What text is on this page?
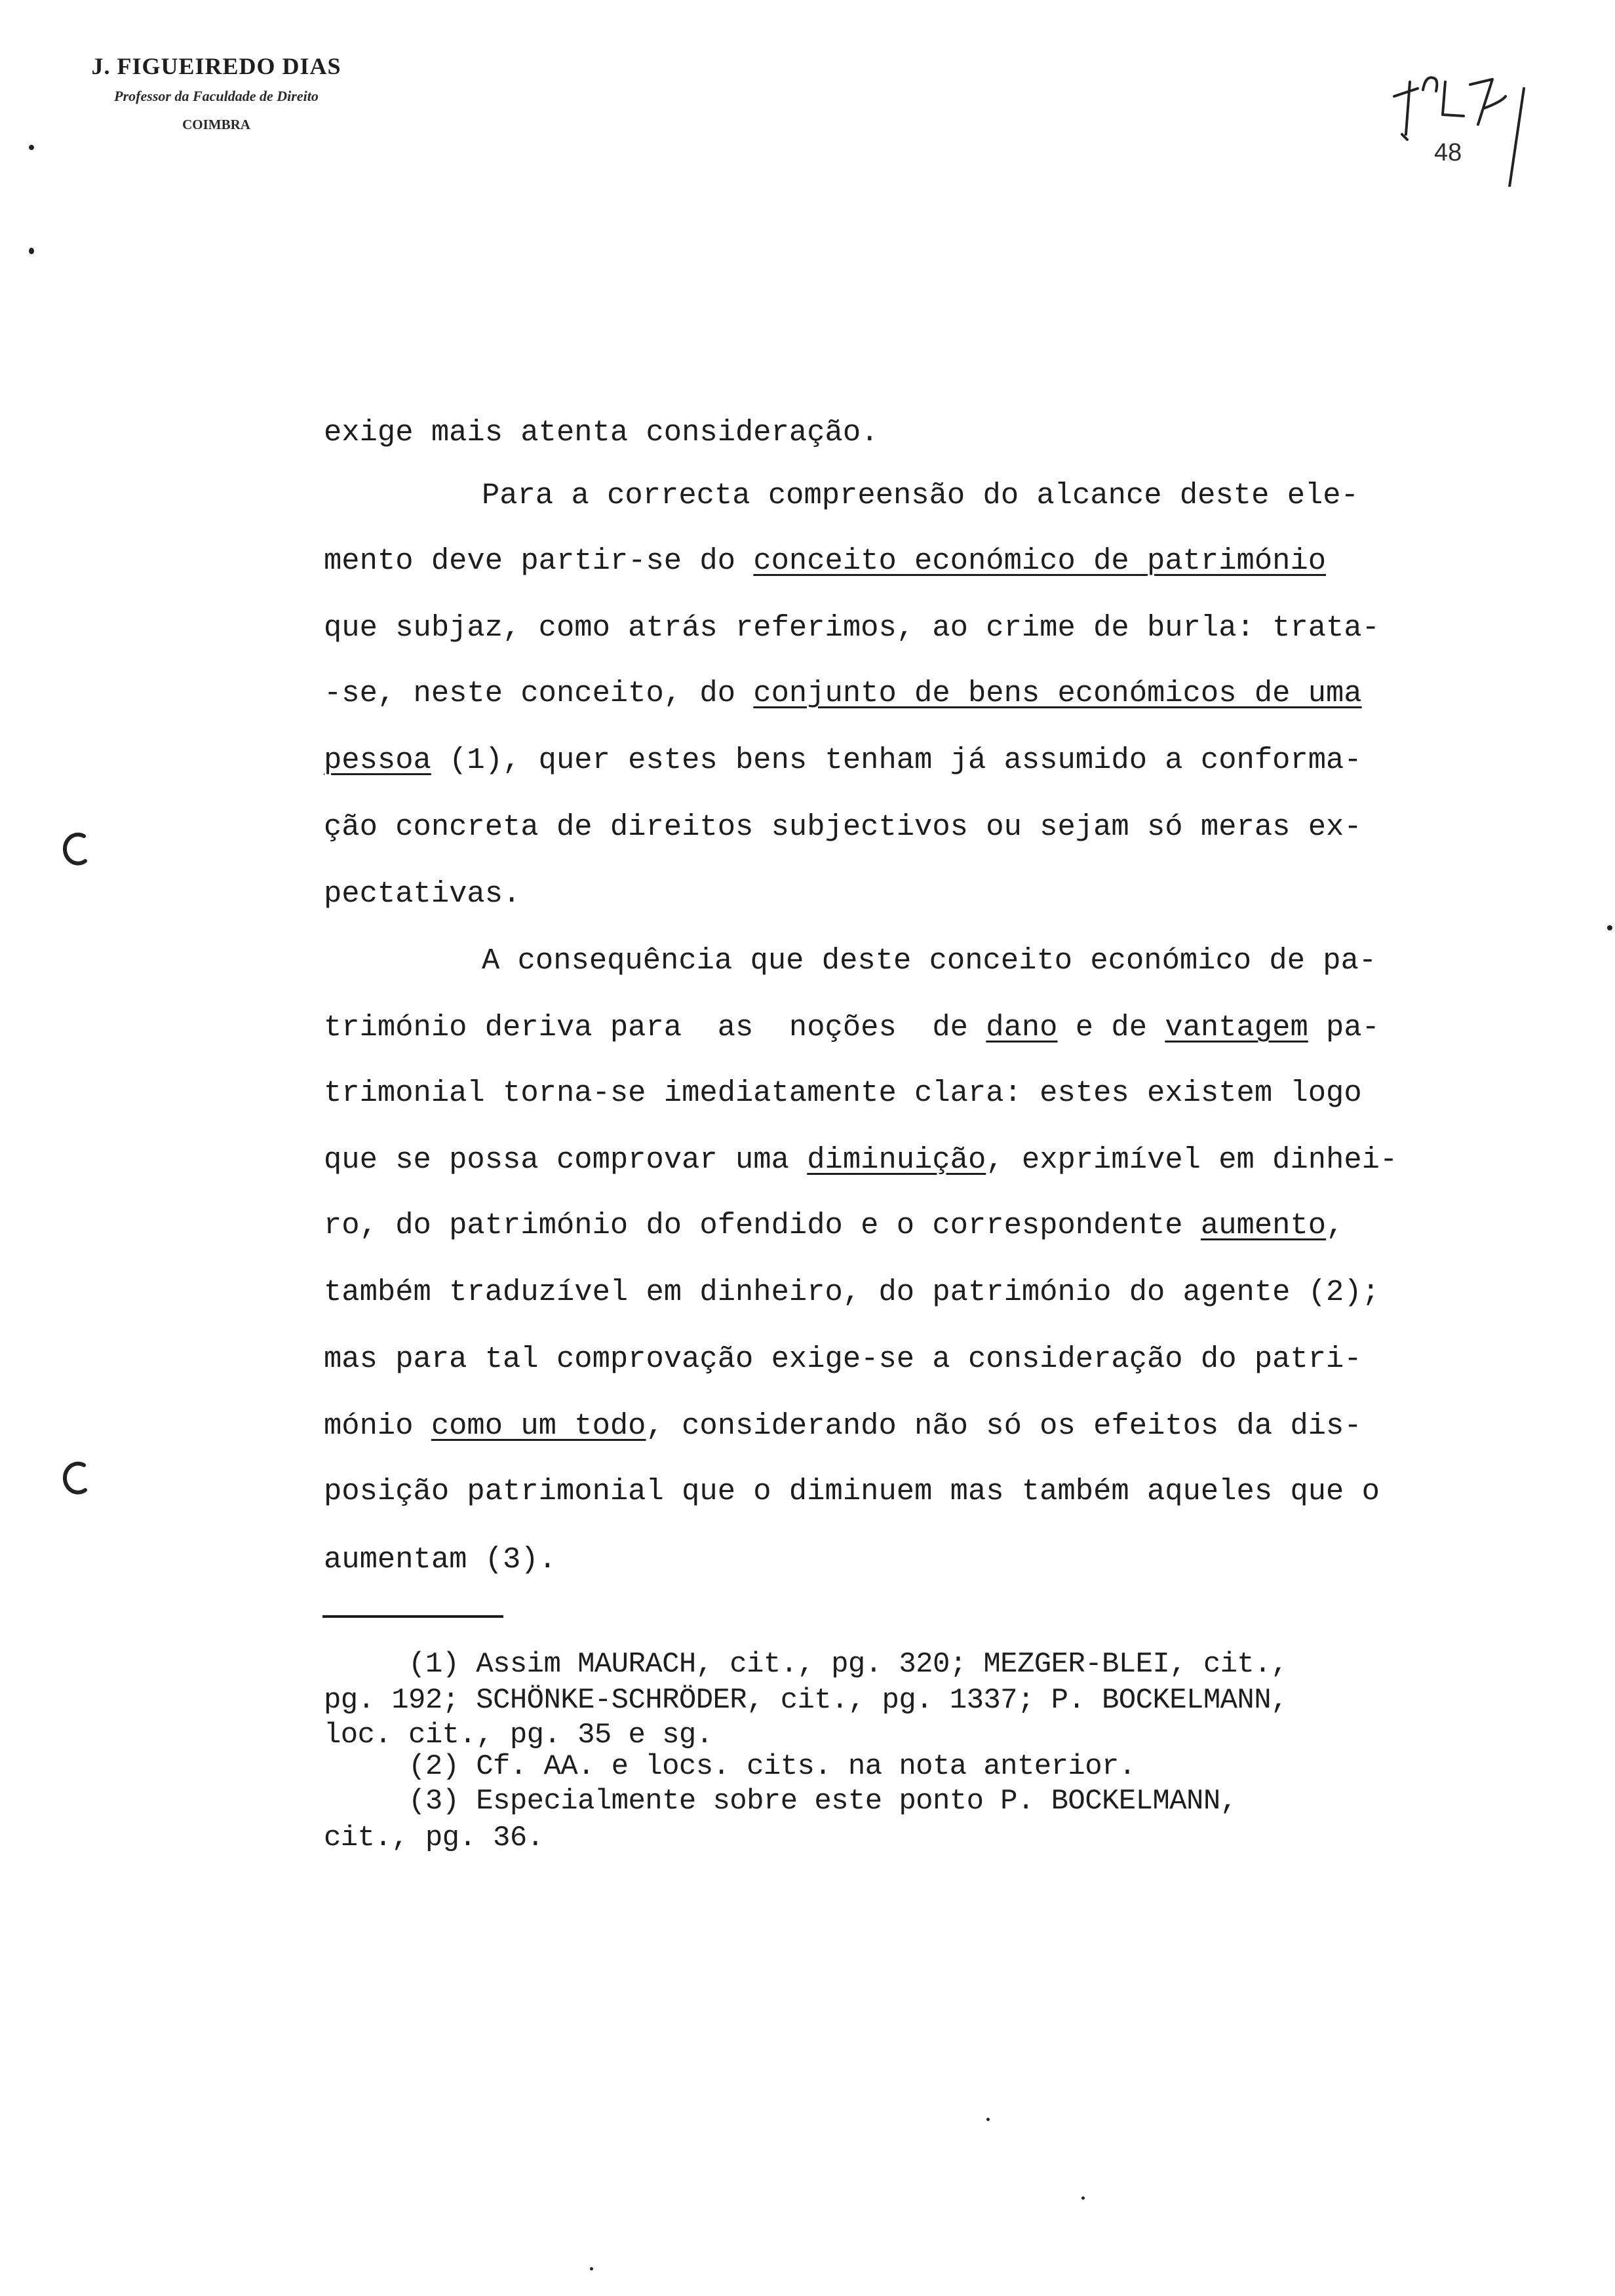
J. FIGUEIREDO DIAS
Professor da Faculdade de Direito
COIMBRA
48
exige mais atenta consideração.
Para a correcta compreensão do alcance deste ele-
mento deve partir-se do conceito económico de património
que subjaz, como atrás referimos, ao crime de burla: trata-
-se, neste conceito, do conjunto de bens económicos de uma
pessoa (1), quer estes bens tenham já assumido a conforma-
ção concreta de direitos subjectivos ou sejam só meras ex-
pectativas.
A consequência que deste conceito económico de pa-
trimónio deriva para  as  noções  de dano e de vantagem pa-
trimonial torna-se imediatamente clara: estes existem logo
que se possa comprovar uma diminuição, exprimível em dinhei-
ro, do património do ofendido e o correspondente aumento,
também traduzível em dinheiro, do património do agente (2);
mas para tal comprovação exige-se a consideração do patri-
mónio como um todo, considerando não só os efeitos da dis-
posição patrimonial que o diminuem mas também aqueles que o
aumentam (3).
(1) Assim MAURACH, cit., pg. 320; MEZGER-BLEI, cit.,
pg. 192; SCHÖNKE-SCHRÖDER, cit., pg. 1337; P. BOCKELMANN,
loc. cit., pg. 35 e sg.
(2) Cf. AA. e locs. cits. na nota anterior.
(3) Especialmente sobre este ponto P. BOCKELMANN,
cit., pg. 36.
